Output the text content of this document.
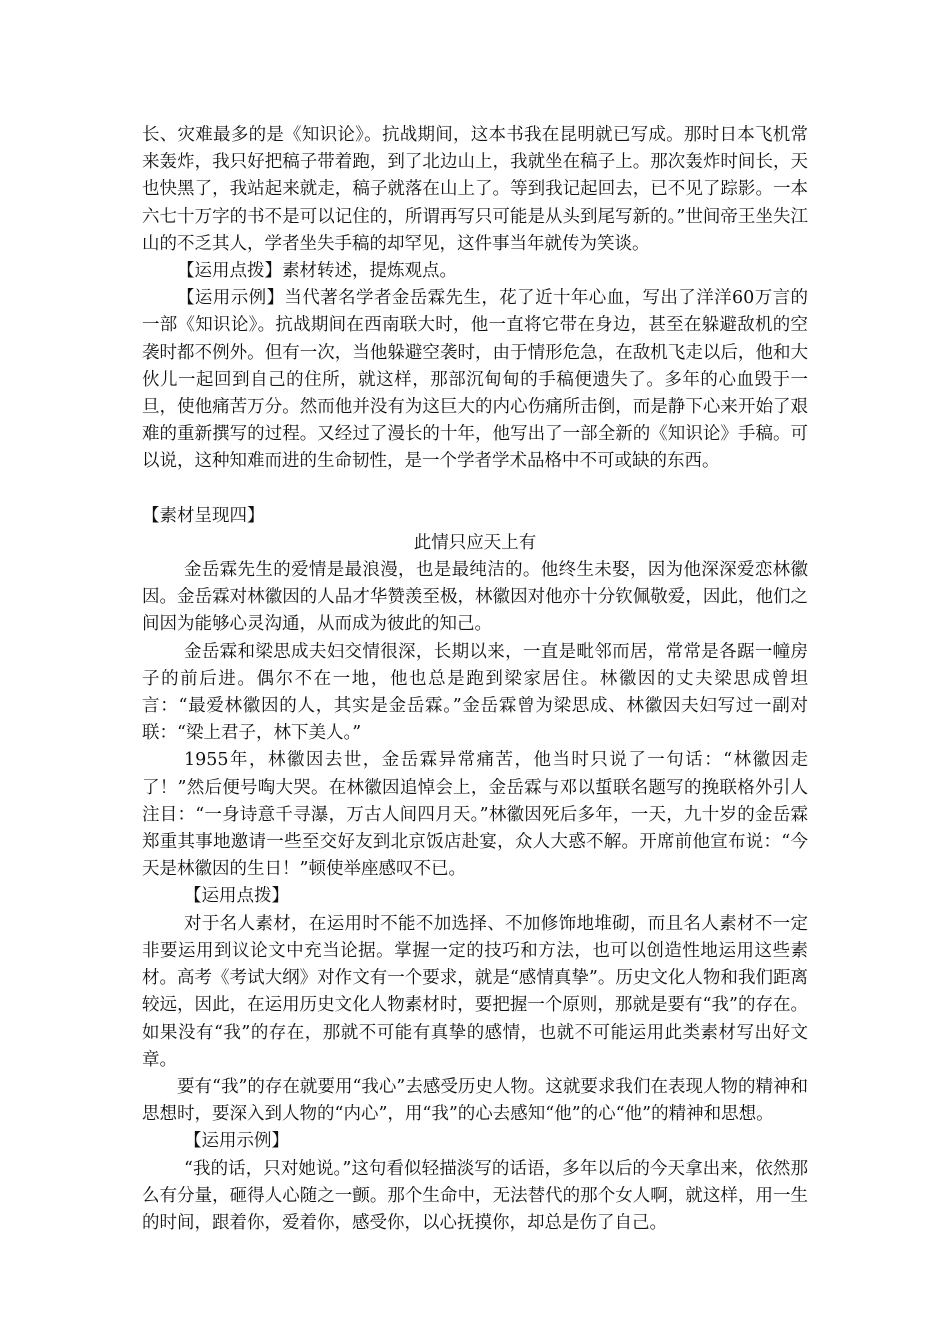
长、灾难最多的是《知识论》。抗战期间，这本书我在昆明就已写成。那时日本飞机常来轰炸，我只好把稿子带着跑，到了北边山上，我就坐在稿子上。那次轰炸时间长，天也快黑了，我站起来就走，稿子就落在山上了。等到我记起回去，已不见了踪影。一本六七十万字的书不是可以记住的，所谓再写只可能是从头到尾写新的。”世间帝王坐失江山的不乏其人，学者坐失手稿的却罕见，这件事当年就传为笑谈。

【运用点拨】素材转述，提炼观点。

【运用示例】当代著名学者金岳霖先生，花了近十年心血，写出了洋洋60万言的一部《知识论》。抗战期间在西南联大时，他一直将它带在身边，甚至在躲避敌机的空袭时都不例外。但有一次，当他躲避空袭时，由于情形危急，在敌机飞走以后，他和大伙儿一起回到自己的住所，就这样，那部沉甸甸的手稿便遗失了。多年的心血毁于一旦，使他痛苦万分。然而他并没有为这巨大的内心伤痛所击倒，而是静下心来开始了艰难的重新撰写的过程。又经过了漫长的十年，他写出了一部全新的《知识论》手稿。可以说，这种知难而进的生命韧性，是一个学者学术品格中不可或缺的东西。

【素材呈现四】

此情只应天上有

金岳霖先生的爱情是最浪漫，也是最纯洁的。他终生未娶，因为他深深爱恋林徽因。金岳霖对林徽因的人品才华赞羡至极，林徽因对他亦十分钦佩敬爱，因此，他们之间因为能够心灵沟通，从而成为彼此的知己。

金岳霖和梁思成夫妇交情很深，长期以来，一直是毗邻而居，常常是各踞一幢房子的前后进。偶尔不在一地，他也总是跑到梁家居住。林徽因的丈夫梁思成曾坦言：“最爱林徽因的人，其实是金岳霖。”金岳霖曾为梁思成、林徽因夫妇写过一副对联：“梁上君子，林下美人。”

1955年，林徽因去世，金岳霖异常痛苦，他当时只说了一句话：“林徽因走了！”然后便号啕大哭。在林徽因追悼会上，金岳霖与邓以蜇联名题写的挽联格外引人注目：“一身诗意千寻瀑，万古人间四月天。”林徽因死后多年，一天，九十岁的金岳霖郑重其事地邀请一些至交好友到北京饭店赴宴，众人大惑不解。开席前他宣布说：“今天是林徽因的生日！”顿使举座感叹不已。

【运用点拨】

对于名人素材，在运用时不能不加选择、不加修饰地堆砌，而且名人素材不一定非要运用到议论文中充当论据。掌握一定的技巧和方法，也可以创造性地运用这些素材。高考《考试大纲》对作文有一个要求，就是“感情真挚”。历史文化人物和我们距离较远，因此，在运用历史文化人物素材时，要把握一个原则，那就是要有“我”的存在。如果没有“我”的存在，那就不可能有真挚的感情，也就不可能运用此类素材写出好文章。

要有“我”的存在就要用“我心”去感受历史人物。这就要求我们在表现人物的精神和思想时，要深入到人物的“内心”，用“我”的心去感知“他”的心“他”的精神和思想。

【运用示例】

“我的话，只对她说。”这句看似轻描淡写的话语，多年以后的今天拿出来，依然那么有分量，砸得人心随之一颤。那个生命中，无法替代的那个女人啊，就这样，用一生的时间，跟着你，爱着你，感受你，以心抚摸你，却总是伤了自己。
